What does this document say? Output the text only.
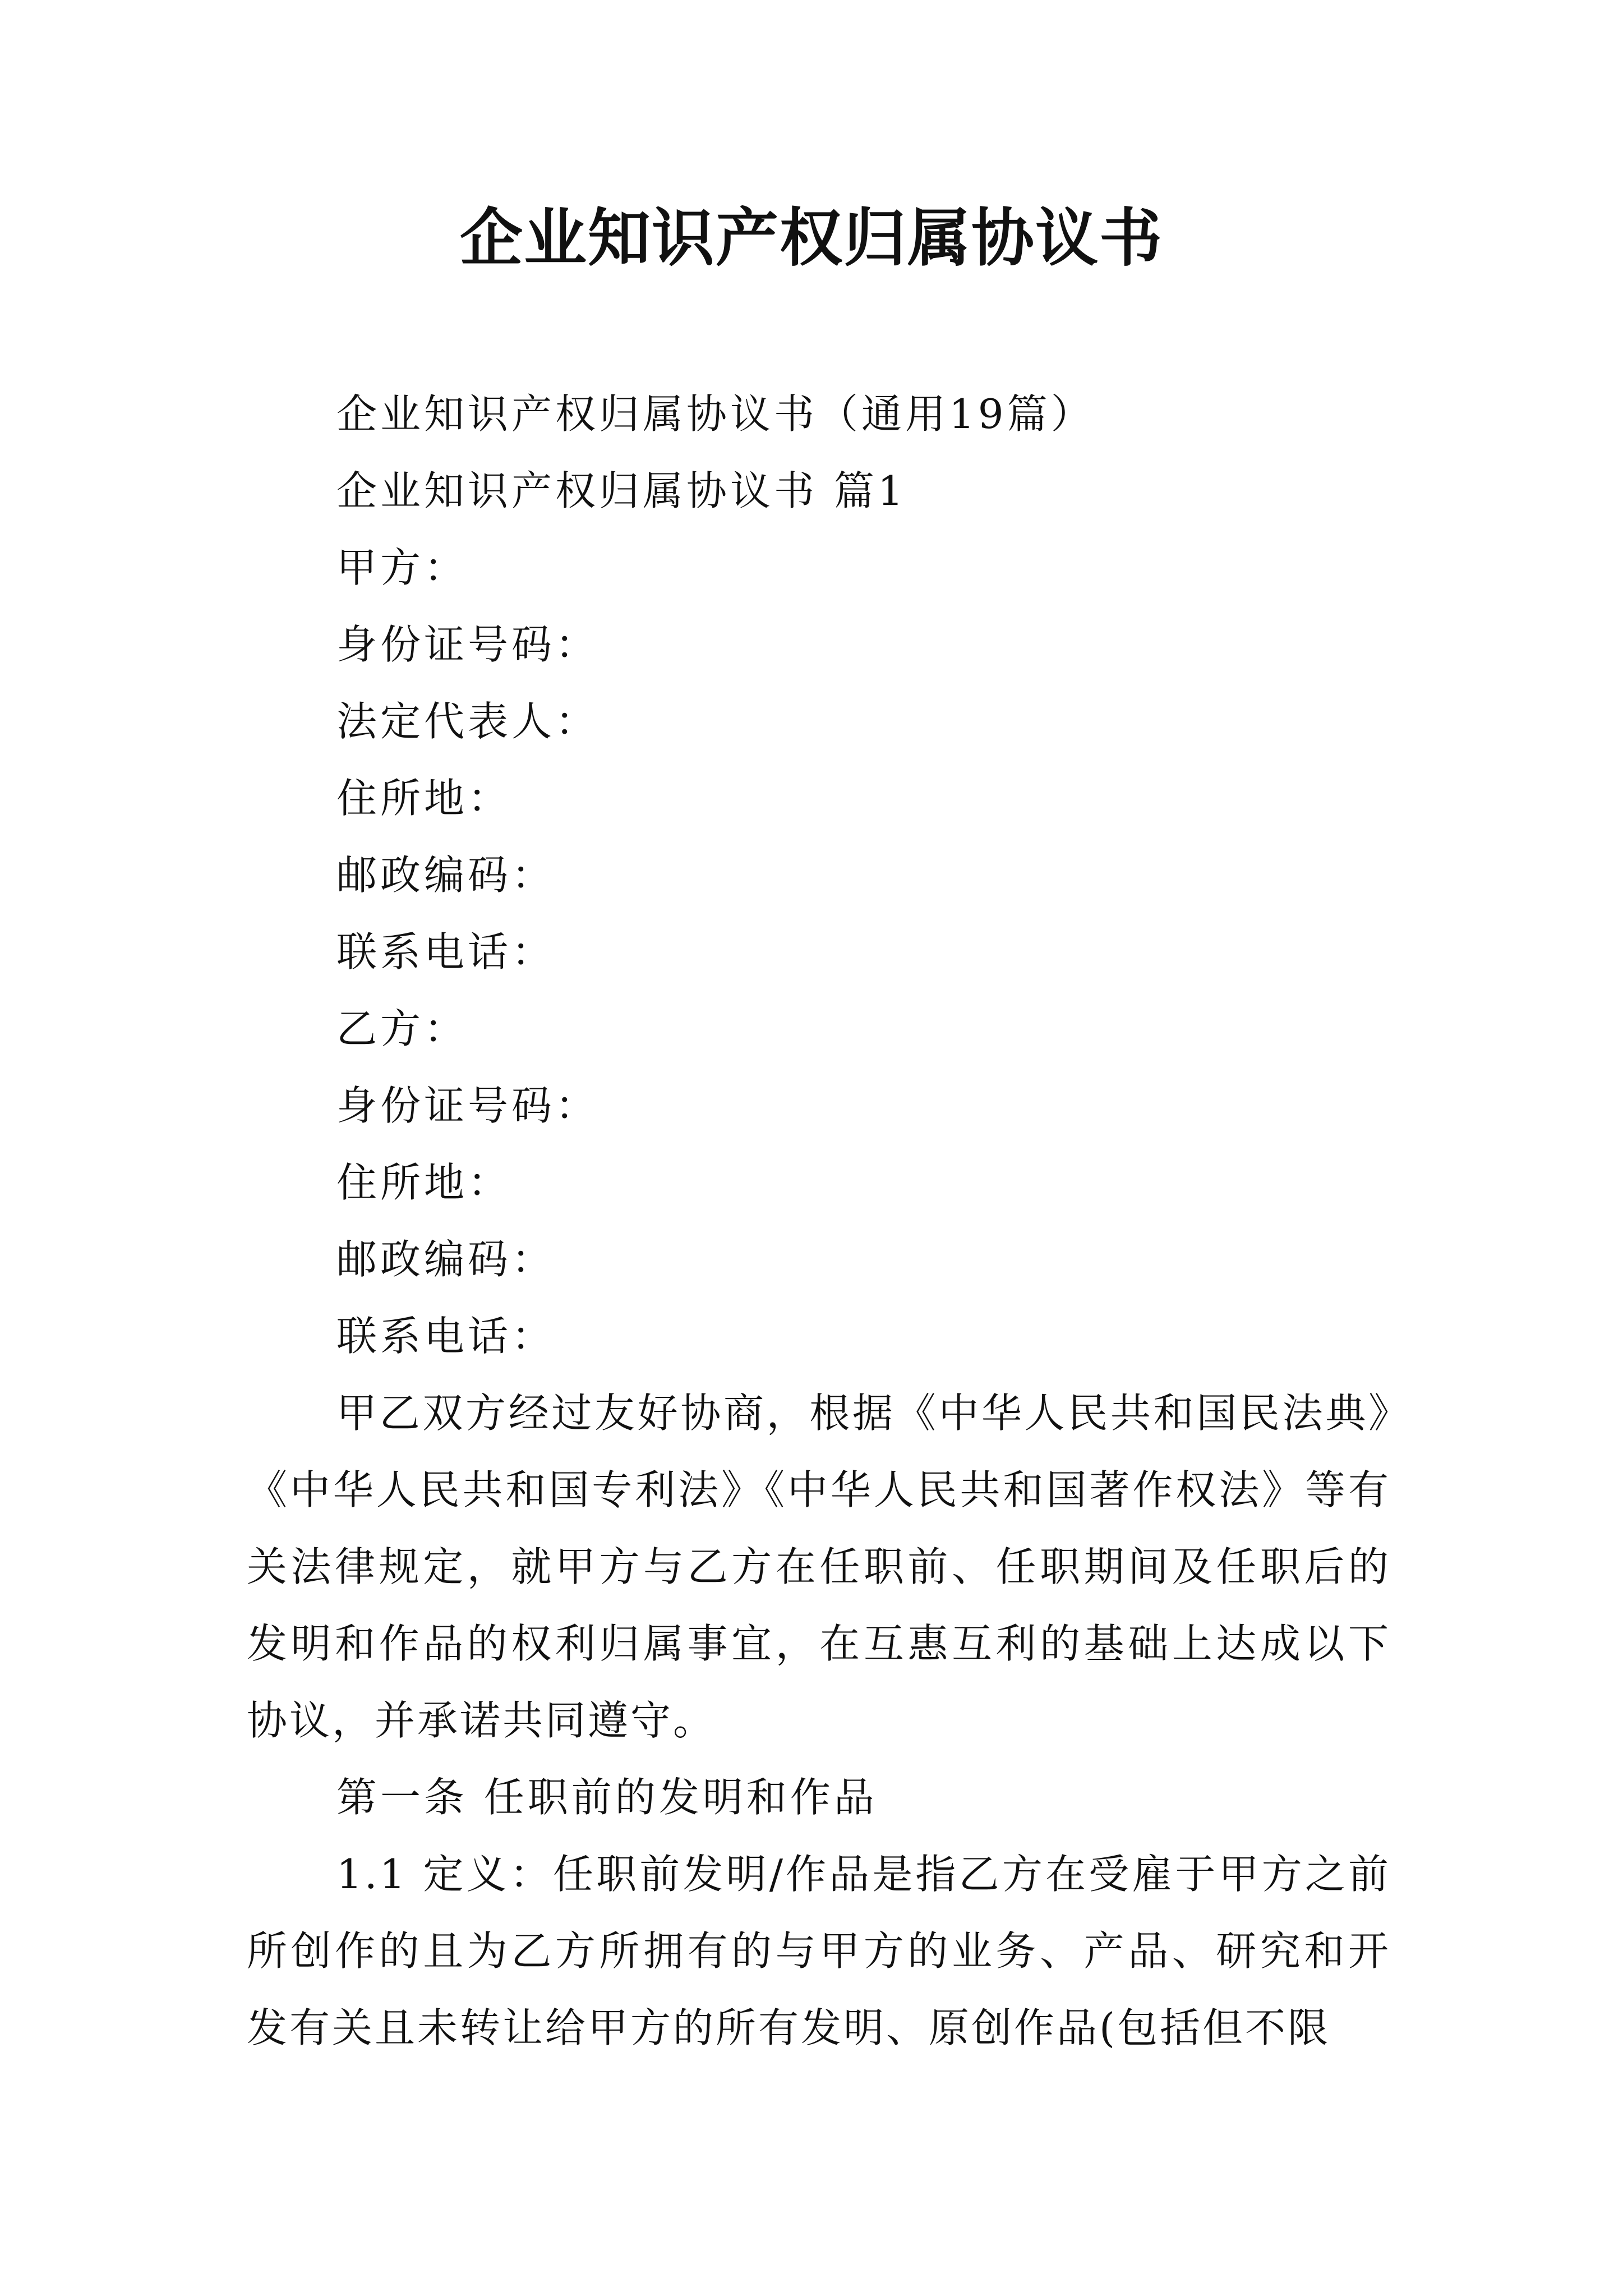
企业知识产权归属协议书
企业知识产权归属协议书（通用19篇）
企业知识产权归属协议书 篇1
甲方：
身份证号码：
法定代表人：
住所地：
邮政编码：
联系电话：
乙方：
身份证号码：
住所地：
邮政编码：
联系电话：

甲乙双方经过友好协商，根据《中华人民共和国民法典》《中华人民共和国专利法》《中华人民共和国著作权法》等有关法律规定，就甲方与乙方在任职前、任职期间及任职后的发明和作品的权利归属事宜，在互惠互利的基础上达成以下协议，并承诺共同遵守。

第一条 任职前的发明和作品

1.1 定义：任职前发明/作品是指乙方在受雇于甲方之前所创作的且为乙方所拥有的与甲方的业务、产品、研究和开发有关且未转让给甲方的所有发明、原创作品(包括但不限
